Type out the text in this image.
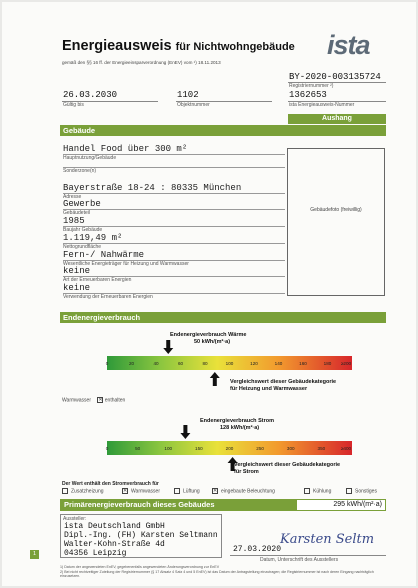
Energieausweis für Nichtwohngebäude
gemäß den §§ 16 ff. der Energieeinsparverordnung (EnEV) vom ¹) 18.11.2013
ista
BY-2020-003135724
Registriernummer ²)
26.03.2030
Gültig bis
1102
Objektnummer
1362653
ista Energieausweis-Nummer
Aushang
Gebäude
Handel Food über 300 m²
Hauptnutzung/Gebäude
Sonderzone(n)
Bayerstraße 18-24 : 80335 München
Adresse
Gewerbe
Gebäudeteil
1985
Baujahr Gebäude
1.119,49 m²
Nettogrundfläche
Fern-/ Nahwärme
Wesentliche Energieträger für Heizung und Warmwasser
keine
Art der Erneuerbaren Energien
keine
Verwendung der Erneuerbaren Energien
Gebäudefoto (freiwillig)
Endenergieverbrauch
0	20	40	60	80	100	120	140	160	180 ≥200
0	50	100	150	200	250	300	350	≥400
Endenergieverbrauch Wärme
50 kWh/(m²·a)
Vergleichswert dieser Gebäudekategorie
für Heizung und Warmwasser
Warmwasser ✕ enthalten
Endenergieverbrauch Strom
128 kWh/(m²·a)
Vergleichswert dieser Gebäudekategorie
für Strom
Der Wert enthält den Stromverbrauch für
Zusatzheizung	✕ Warmwasser	Lüftung	✕ eingebaute Beleuchtung	Kühlung	Sonstiges
Primärenergieverbrauch dieses Gebäudes	295 kWh/(m²·a)
Aussteller:
ista Deutschland GmbH
Dipl.-Ing. (FH) Karsten Seltmann
Walter-Kohn-Straße 4d
04356 Leipzig	27.03.2020
Kar⁠sten Sel⁠tm
Datum, Unterschrift des Ausstellers
1
1) Datum der angewendeten EnEV, gegebenenfalls angewendeten Änderungsverordnung zur EnEV
2) Bei nicht rechtzeitiger Zuteilung der Registriernummer (§ 17 Absatz 4 Satz 4 und 5 EnEV) ist das Datum der Antragstellung einzutragen; die Registriernummer ist nach deren Eingang nachträglich einzusetzen.
